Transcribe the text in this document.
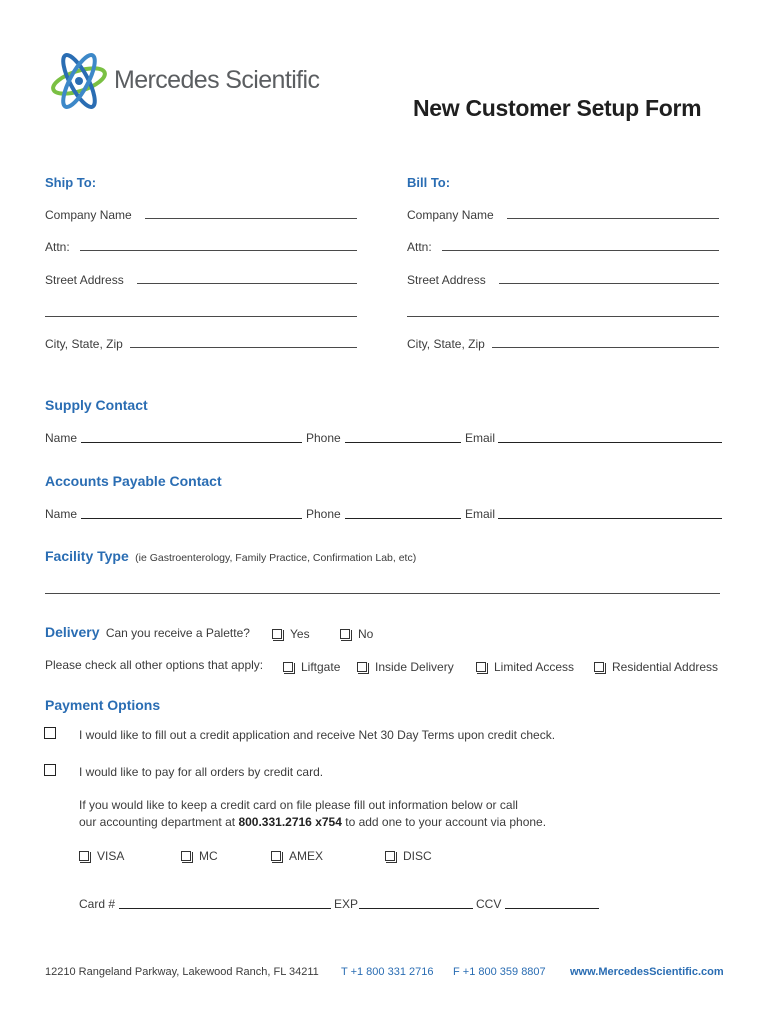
Mercedes Scientific
New Customer Setup Form
Ship To:
Company Name
Attn:
Street Address
City, State, Zip
Bill To:
Company Name
Attn:
Street Address
City, State, Zip
Supply Contact
Name	Phone	Email
Accounts Payable Contact
Name	Phone	Email
Facility Type (ie Gastroenterology, Family Practice, Confirmation Lab, etc)
Delivery Can you receive a Palette?	Yes	No
Please check all other options that apply:	Liftgate	Inside Delivery	Limited Access	Residential Address
Payment Options
I would like to fill out a credit application and receive Net 30 Day Terms upon credit check.
I would like to pay for all orders by credit card.
If you would like to keep a credit card on file please fill out information below or call
our accounting department at 800.331.2716 x754 to add one to your account via phone.
VISA	MC	AMEX	DISC
Card #	EXP	CCV
12210 Rangeland Parkway, Lakewood Ranch, FL 34211 T +1 800 331 2716 F +1 800 359 8807 www.MercedesScientific.com
